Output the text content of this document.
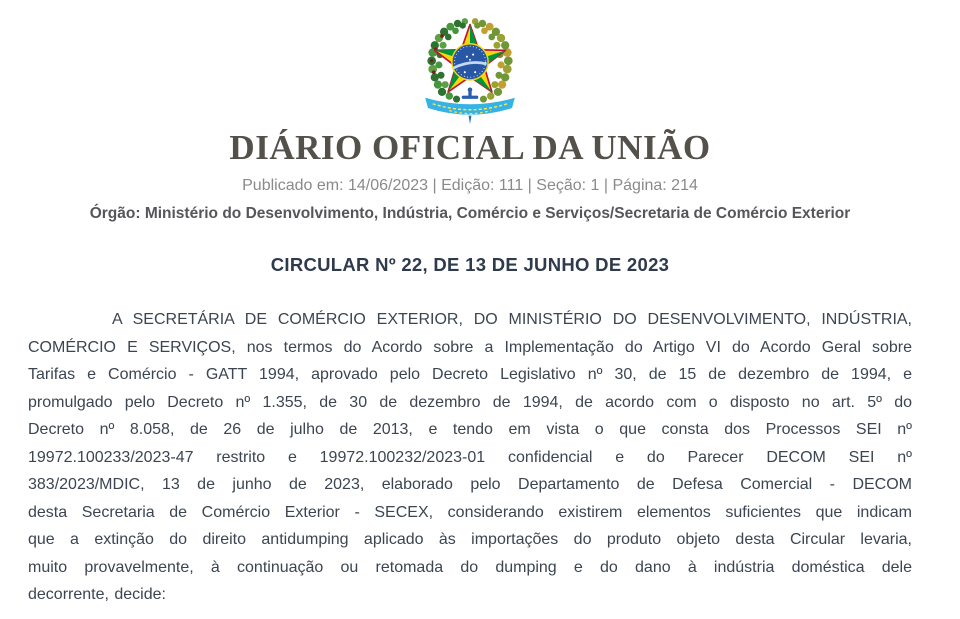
DIÁRIO OFICIAL DA UNIÃO
Publicado em: 14/06/2023 | Edição: 111 | Seção: 1 | Página: 214
Órgão: Ministério do Desenvolvimento, Indústria, Comércio e Serviços/Secretaria de Comércio Exterior
CIRCULAR Nº 22, DE 13 DE JUNHO DE 2023
A SECRETÁRIA DE COMÉRCIO EXTERIOR, DO MINISTÉRIO DO DESENVOLVIMENTO, INDÚSTRIA,
COMÉRCIO E SERVIÇOS, nos termos do Acordo sobre a Implementação do Artigo VI do Acordo Geral sobre
Tarifas e Comércio - GATT 1994, aprovado pelo Decreto Legislativo nº 30, de 15 de dezembro de 1994, e
promulgado pelo Decreto nº 1.355, de 30 de dezembro de 1994, de acordo com o disposto no art. 5º do
Decreto nº 8.058, de 26 de julho de 2013, e tendo em vista o que consta dos Processos SEI nº
19972.100233/2023-47 restrito e 19972.100232/2023-01 confidencial e do Parecer DECOM SEI nº
383/2023/MDIC, 13 de junho de 2023, elaborado pelo Departamento de Defesa Comercial - DECOM
desta Secretaria de Comércio Exterior - SECEX, considerando existirem elementos suficientes que indicam
que a extinção do direito antidumping aplicado às importações do produto objeto desta Circular levaria,
muito provavelmente, à continuação ou retomada do dumping e do dano à indústria doméstica dele
decorrente, decide:
